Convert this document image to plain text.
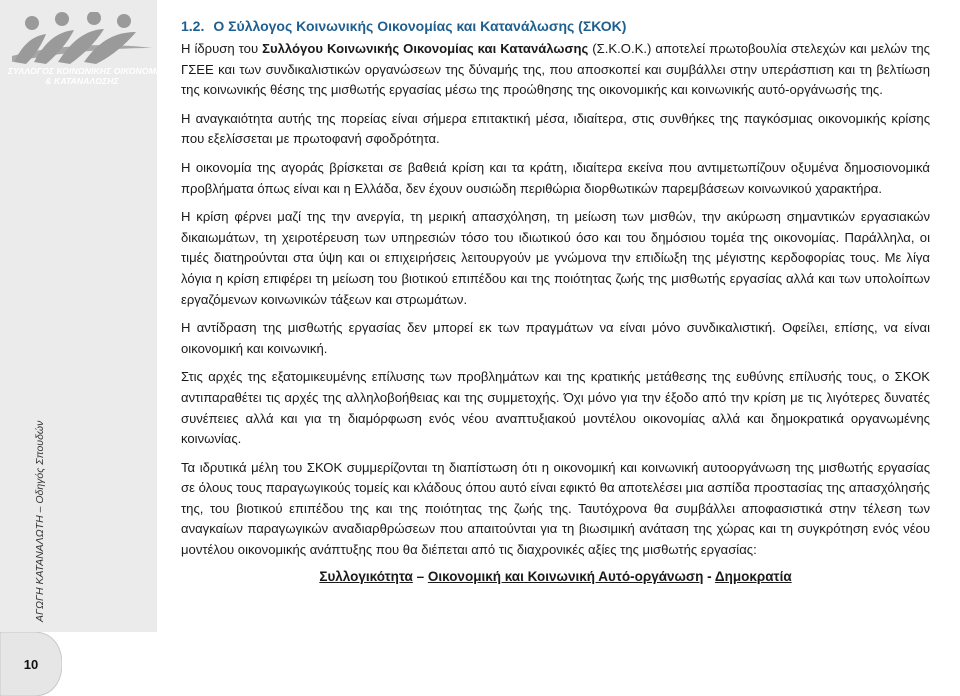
ΣΥΛΛΟΓΟΣ ΚΟΙΝΩΝΙΚΗΣ ΟΙΚΟΝΟΜΙΑΣ
& ΚΑΤΑΝΑΛΩΣΗΣ
ΑΓΩΓΗ ΚΑΤΑΝΑΛΩΤΗ – Οδηγός Σπουδών
10
1.2. Ο Σύλλογος Κοινωνικής Οικονομίας και Κατανάλωσης (ΣΚΟΚ)

Η ίδρυση του Συλλόγου Κοινωνικής Οικονομίας και Κατανάλωσης (Σ.Κ.Ο.Κ.) αποτελεί πρωτοβουλία στελεχών και μελών της ΓΣΕΕ και των συνδικαλιστικών οργανώσεων της δύναμής της, που αποσκοπεί και συμβάλλει στην υπεράσπιση και τη βελτίωση της κοινωνικής θέσης της μισθωτής εργασίας μέσω της προώθησης της οικονομικής και κοινωνικής αυτό-οργάνωσής της.

Η αναγκαιότητα αυτής της πορείας είναι σήμερα επιτακτική μέσα, ιδιαίτερα, στις συνθήκες της παγκόσμιας οικονομικής κρίσης που εξελίσσεται με πρωτοφανή σφοδρότητα.

Η οικονομία της αγοράς βρίσκεται σε βαθειά κρίση και τα κράτη, ιδιαίτερα εκείνα που αντιμετωπίζουν οξυμένα δημοσιονομικά προβλήματα όπως είναι και η Ελλάδα, δεν έχουν ουσιώδη περιθώρια διορθωτικών παρεμβάσεων κοινωνικού χαρακτήρα.

Η κρίση φέρνει μαζί της την ανεργία, τη μερική απασχόληση, τη μείωση των μισθών, την ακύρωση σημαντικών εργασιακών δικαιωμάτων, τη χειροτέρευση των υπηρεσιών τόσο του ιδιωτικού όσο και του δημόσιου τομέα της οικονομίας. Παράλληλα, οι τιμές διατηρούνται στα ύψη και οι επιχειρήσεις λειτουργούν με γνώμονα την επιδίωξη της μέγιστης κερδοφορίας τους. Με λίγα λόγια η κρίση επιφέρει τη μείωση του βιοτικού επιπέδου και της ποιότητας ζωής της μισθωτής εργασίας αλλά και των υπολοίπων εργαζόμενων κοινωνικών τάξεων και στρωμάτων.

Η αντίδραση της μισθωτής εργασίας δεν μπορεί εκ των πραγμάτων να είναι μόνο συνδικαλιστική. Οφείλει, επίσης, να είναι οικονομική και κοινωνική.

Στις αρχές της εξατομικευμένης επίλυσης των προβλημάτων και της κρατικής μετάθεσης της ευθύνης επίλυσής τους, ο ΣΚΟΚ αντιπαραθέτει τις αρχές της αλληλοβοήθειας και της συμμετοχής. Όχι μόνο για την έξοδο από την κρίση με τις λιγότερες δυνατές συνέπειες αλλά και για τη διαμόρφωση ενός νέου αναπτυξιακού μοντέλου οικονομίας αλλά και δημοκρατικά οργανωμένης κοινωνίας.

Τα ιδρυτικά μέλη του ΣΚΟΚ συμμερίζονται τη διαπίστωση ότι η οικονομική και κοινωνική αυτοοργάνωση της μισθωτής εργασίας σε όλους τους παραγωγικούς τομείς και κλάδους όπου αυτό είναι εφικτό θα αποτελέσει μια ασπίδα προστασίας της απασχόλησής της, του βιοτικού επιπέδου της και της ποιότητας της ζωής της. Ταυτόχρονα θα συμβάλλει αποφασιστικά στην τέλεση των αναγκαίων παραγωγικών αναδιαρθρώσεων που απαιτούνται για τη βιωσιμική ανάταση της χώρας και τη συγκρότηση ενός νέου μοντέλου οικονομικής ανάπτυξης που θα διέπεται από τις διαχρονικές αξίες της μισθωτής εργασίας:

Συλλογικότητα – Οικονομική και Κοινωνική Αυτό-οργάνωση - Δημοκρατία
